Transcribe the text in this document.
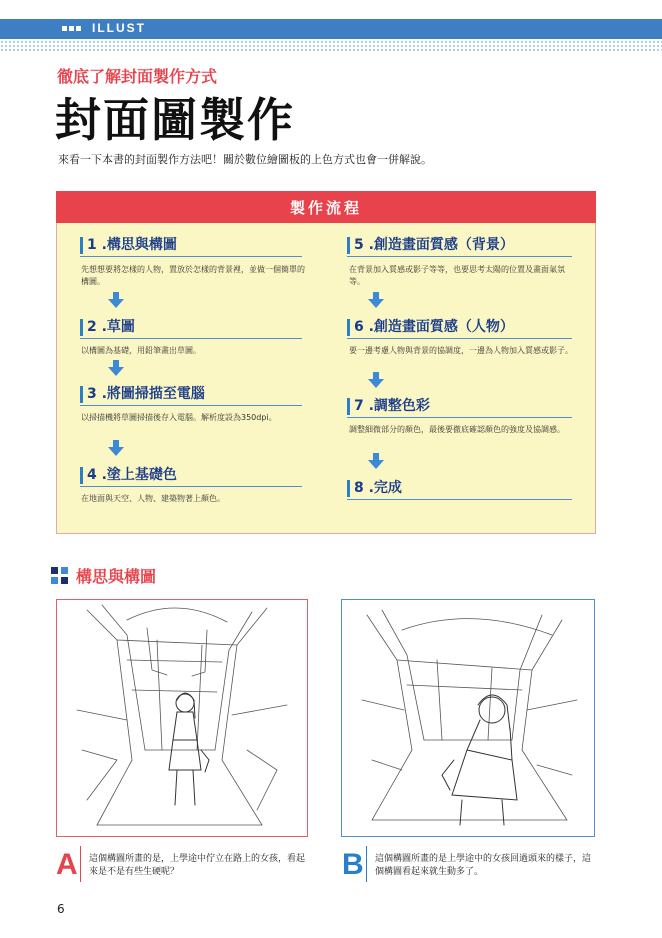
ILLUST
徹底了解封面製作方式
封面圖製作
來看一下本書的封面製作方法吧！關於數位繪圖板的上色方式也會一併解說。
製作流程
1 .構思與構圖
先想想要將怎樣的人物，置放於怎樣的背景裡，並做一個簡單的構圖。
2 .草圖
以構圖為基礎，用鉛筆畫出草圖。
3 .將圖掃描至電腦
以掃描機將草圖掃描後存入電腦。解析度設為350dpi。
4 .塗上基礎色
在地面與天空、人物、建築物著上顏色。
5 .創造畫面質感（背景）
在背景加入質感或影子等等，也要思考太陽的位置及畫面氣氛等。
6 .創造畫面質感（人物）
要一邊考慮人物與背景的協調度，一邊為人物加入質感或影子。
7 .調整色彩
調整細微部分的顏色，最後要徹底確認顏色的強度及協調感。
8 .完成
構思與構圖
A 這個構圖所畫的是，上學途中佇立在路上的女孩，看起來是不是有些生硬呢？	B 這個構圖所畫的是上學途中的女孩回過頭來的樣子，這個構圖看起來就生動多了。
6
